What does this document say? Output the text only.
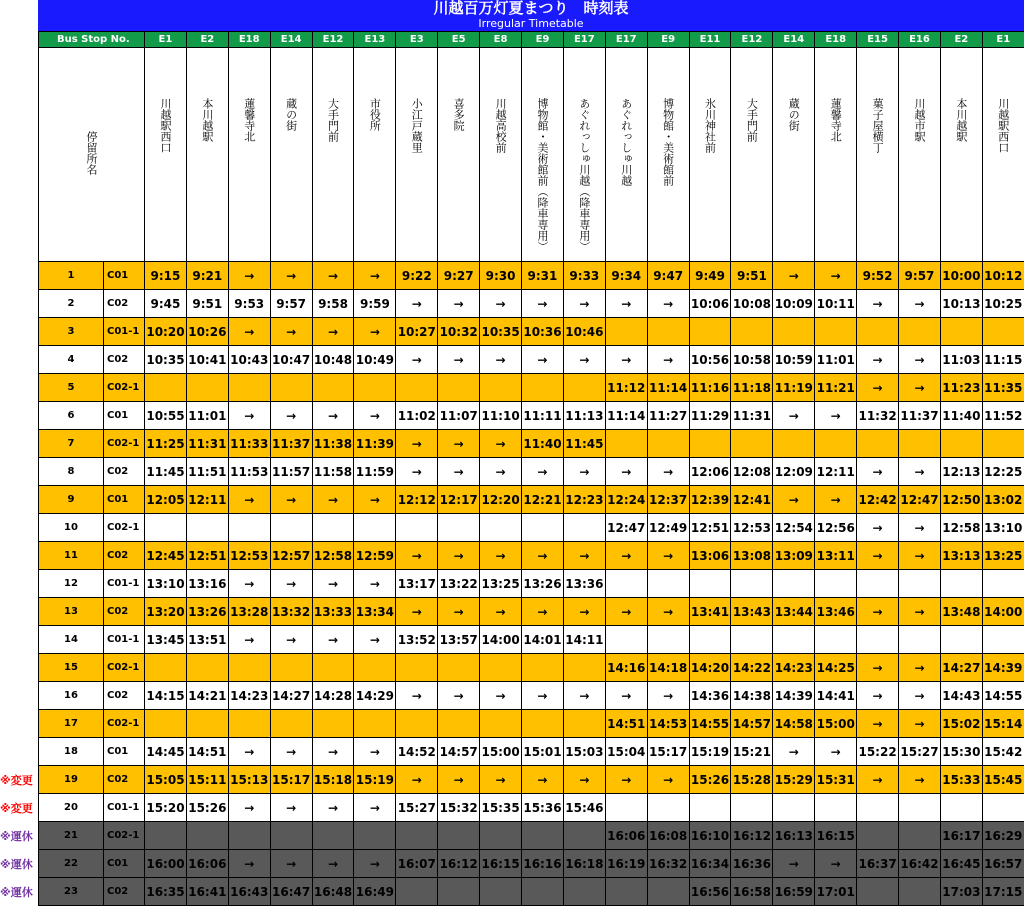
川越百万灯夏まつり　時刻表
Irregular Timetable
Bus Stop No.		E1	E2	E18	E14	E12	E13	E3	E5	E8	E9	E17	E17	E9	E11	E12	E14	E18	E15	E16	E2	E1
停留所名		川越駅西口	本川越駅	蓮馨寺北	蔵の街	大手門前	市役所	小江戸蔵里	喜多院	川越高校前	博物館・美術館前（降車専用）	あぐれっしゅ川越（降車専用）	あぐれっしゅ川越	博物館・美術館前	氷川神社前	大手門前	蔵の街	蓮馨寺北	菓子屋横丁	川越市駅	本川越駅	川越駅西口
1	C01	9:15	9:21	→	→	→	→	9:22	9:27	9:30	9:31	9:33	9:34	9:47	9:49	9:51	→	→	9:52	9:57	10:00	10:12
2	C02	9:45	9:51	9:53	9:57	9:58	9:59	→	→	→	→	→	→	→	10:06	10:08	10:09	10:11	→	→	10:13	10:25
3	C01-1	10:20	10:26	→	→	→	→	10:27	10:32	10:35	10:36	10:46										
4	C02	10:35	10:41	10:43	10:47	10:48	10:49	→	→	→	→	→	→	→	10:56	10:58	10:59	11:01	→	→	11:03	11:15
5	C02-1												11:12	11:14	11:16	11:18	11:19	11:21	→	→	11:23	11:35
6	C01	10:55	11:01	→	→	→	→	11:02	11:07	11:10	11:11	11:13	11:14	11:27	11:29	11:31	→	→	11:32	11:37	11:40	11:52
7	C02-1	11:25	11:31	11:33	11:37	11:38	11:39	→	→	→	11:40	11:45										
8	C02	11:45	11:51	11:53	11:57	11:58	11:59	→	→	→	→	→	→	→	12:06	12:08	12:09	12:11	→	→	12:13	12:25
9	C01	12:05	12:11	→	→	→	→	12:12	12:17	12:20	12:21	12:23	12:24	12:37	12:39	12:41	→	→	12:42	12:47	12:50	13:02
10	C02-1												12:47	12:49	12:51	12:53	12:54	12:56	→	→	12:58	13:10
11	C02	12:45	12:51	12:53	12:57	12:58	12:59	→	→	→	→	→	→	→	13:06	13:08	13:09	13:11	→	→	13:13	13:25
12	C01-1	13:10	13:16	→	→	→	→	13:17	13:22	13:25	13:26	13:36										
13	C02	13:20	13:26	13:28	13:32	13:33	13:34	→	→	→	→	→	→	→	13:41	13:43	13:44	13:46	→	→	13:48	14:00
14	C01-1	13:45	13:51	→	→	→	→	13:52	13:57	14:00	14:01	14:11										
15	C02-1												14:16	14:18	14:20	14:22	14:23	14:25	→	→	14:27	14:39
16	C02	14:15	14:21	14:23	14:27	14:28	14:29	→	→	→	→	→	→	→	14:36	14:38	14:39	14:41	→	→	14:43	14:55
17	C02-1												14:51	14:53	14:55	14:57	14:58	15:00	→	→	15:02	15:14
18	C01	14:45	14:51	→	→	→	→	14:52	14:57	15:00	15:01	15:03	15:04	15:17	15:19	15:21	→	→	15:22	15:27	15:30	15:42
19	C02	15:05	15:11	15:13	15:17	15:18	15:19	→	→	→	→	→	→	→	15:26	15:28	15:29	15:31	→	→	15:33	15:45
20	C01-1	15:20	15:26	→	→	→	→	15:27	15:32	15:35	15:36	15:46										
21	C02-1												16:06	16:08	16:10	16:12	16:13	16:15			16:17	16:29
22	C01	16:00	16:06	→	→	→	→	16:07	16:12	16:15	16:16	16:18	16:19	16:32	16:34	16:36	→	→	16:37	16:42	16:45	16:57
23	C02	16:35	16:41	16:43	16:47	16:48	16:49								16:56	16:58	16:59	17:01			17:03	17:15
※変更
※変更
※運休
※運休
※運休
